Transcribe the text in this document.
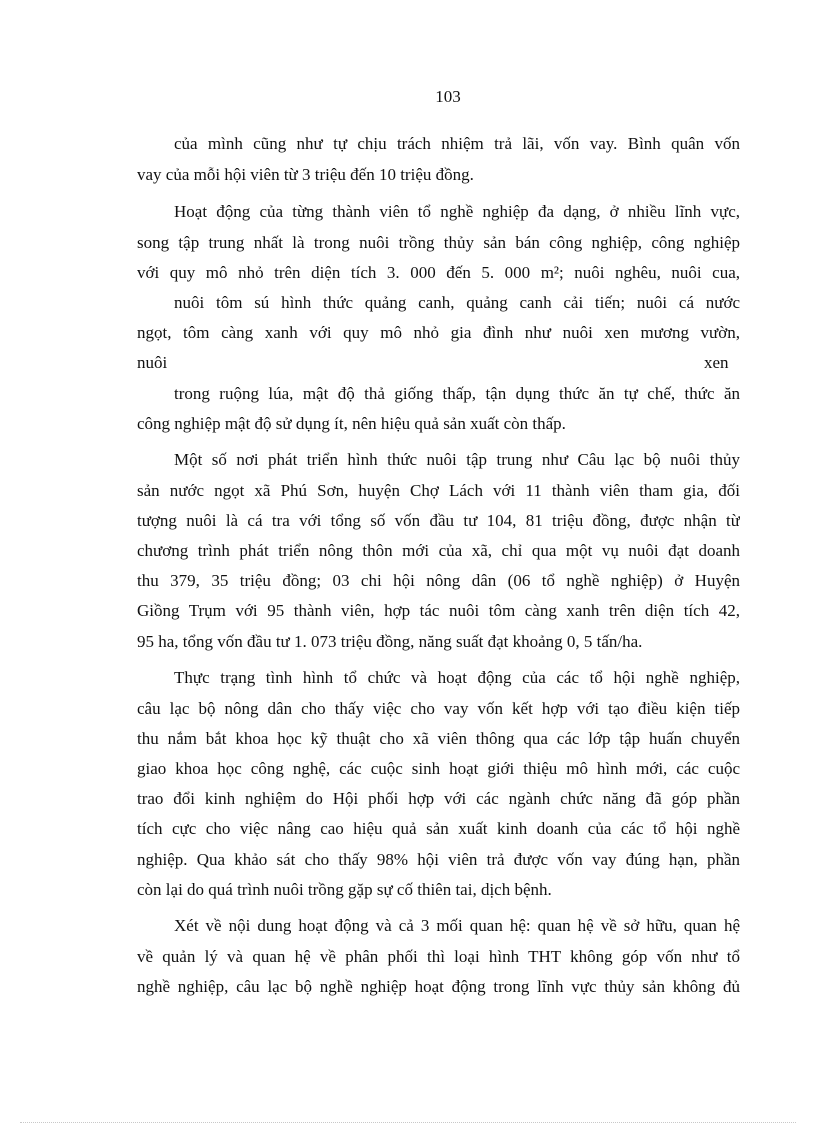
103
của mình cũng như tự chịu trách nhiệm trả lãi, vốn vay. Bình quân vốn
vay của mỗi hội viên từ 3 triệu đến 10 triệu đồng.
Hoạt động của từng thành viên tổ nghề nghiệp đa dạng, ở nhiều lĩnh vực,
song tập trung nhất là trong nuôi trồng thủy sản bán công nghiệp, công nghiệp
với quy mô nhỏ trên diện tích 3. 000 đến 5. 000 m²; nuôi nghêu, nuôi cua,
nuôi tôm sú hình thức quảng canh, quảng canh cải tiến; nuôi cá nước
ngọt, tôm càng xanh với quy mô nhỏ gia đình như nuôi xen mương vườn,
nuôi	xen
trong ruộng lúa, mật độ thả giống thấp, tận dụng thức ăn tự chế, thức ăn
công nghiệp mật độ sử dụng ít, nên hiệu quả sản xuất còn thấp.
Một số nơi phát triển hình thức nuôi tập trung như Câu lạc bộ nuôi thủy
sản nước ngọt xã Phú Sơn, huyện Chợ Lách với 11 thành viên tham gia, đối
tượng nuôi là cá tra với tổng số vốn đầu tư 104, 81 triệu đồng, được nhận từ
chương trình phát triển nông thôn mới của xã, chỉ qua một vụ nuôi đạt doanh
thu 379, 35 triệu đồng; 03 chi hội nông dân (06 tổ nghề nghiệp) ở Huyện
Giồng Trụm với 95 thành viên, hợp tác nuôi tôm càng xanh trên diện tích 42,
95 ha, tổng vốn đầu tư 1. 073 triệu đồng, năng suất đạt khoảng 0, 5 tấn/ha.
Thực trạng tình hình tổ chức và hoạt động của các tổ hội nghề nghiệp,
câu lạc bộ nông dân cho thấy việc cho vay vốn kết hợp với tạo điều kiện tiếp
thu nắm bắt khoa học kỹ thuật cho xã viên thông qua các lớp tập huấn chuyển
giao khoa học công nghệ, các cuộc sinh hoạt giới thiệu mô hình mới, các cuộc
trao đổi kinh nghiệm do Hội phối hợp với các ngành chức năng đã góp phần
tích cực cho việc nâng cao hiệu quả sản xuất kinh doanh của các tổ hội nghề
nghiệp. Qua khảo sát cho thấy 98% hội viên trả được vốn vay đúng hạn, phần
còn lại do quá trình nuôi trồng gặp sự cố thiên tai, dịch bệnh.
Xét về nội dung hoạt động và cả 3 mối quan hệ: quan hệ về sở hữu, quan hệ
về quản lý và quan hệ về phân phối thì loại hình THT không góp vốn như tổ
nghề nghiệp, câu lạc bộ nghề nghiệp hoạt động trong lĩnh vực thủy sản không đủ
